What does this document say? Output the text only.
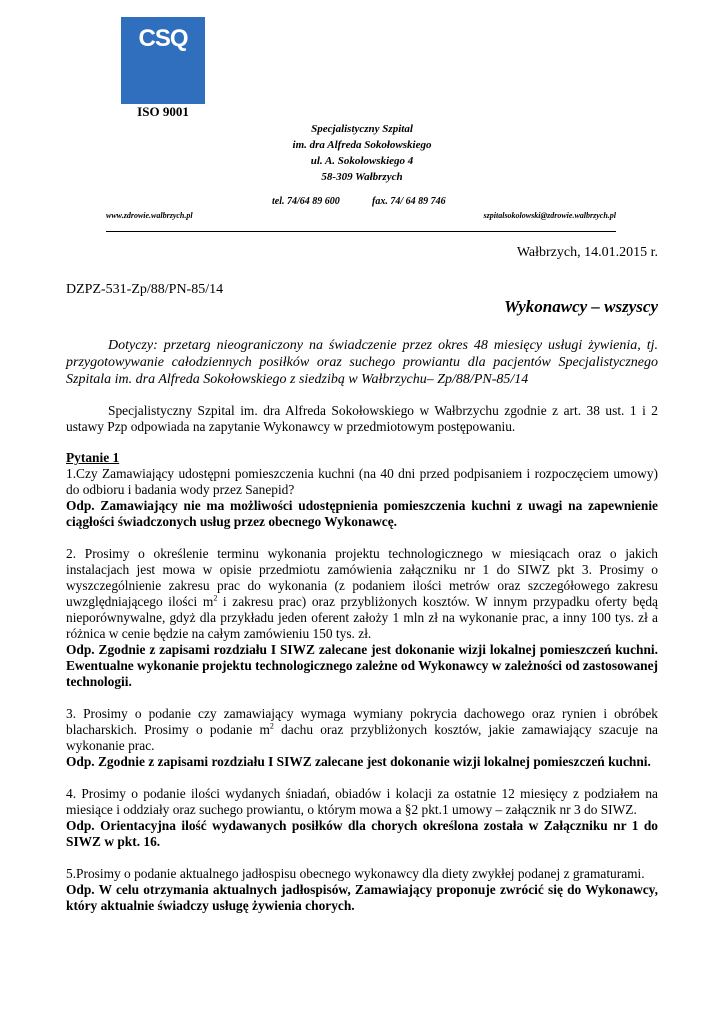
CSQ
ISO 9001
Specjalistyczny Szpital
im. dra Alfreda Sokołowskiego
ul. A. Sokołowskiego 4
58-309 Wałbrzych
tel. 74/64 89 600	fax. 74/ 64 89 746
www.zdrowie.walbrzych.pl	szpitalsokolowski@zdrowie.walbrzych.pl
Wałbrzych, 14.01.2015 r.
DZPZ-531-Zp/88/PN-85/14
Wykonawcy – wszyscy
Dotyczy: przetarg nieograniczony na świadczenie przez okres 48 miesięcy usługi żywienia, tj. przygotowywanie całodziennych posiłków oraz suchego prowiantu dla pacjentów Specjalistycznego Szpitala im. dra Alfreda Sokołowskiego z siedzibą w Wałbrzychu– Zp/88/PN-85/14
Specjalistyczny Szpital im. dra Alfreda Sokołowskiego w Wałbrzychu zgodnie z art. 38 ust. 1 i 2 ustawy Pzp odpowiada na zapytanie Wykonawcy w przedmiotowym postępowaniu.

Pytanie 1

1.Czy Zamawiający udostępni pomieszczenia kuchni (na 40 dni przed podpisaniem i rozpoczęciem umowy) do odbioru i badania wody przez Sanepid?

Odp. Zamawiający nie ma możliwości udostępnienia pomieszczenia kuchni z uwagi na zapewnienie ciągłości świadczonych usług przez obecnego Wykonawcę.

2. Prosimy o określenie terminu wykonania projektu technologicznego w miesiącach oraz o jakich instalacjach jest mowa w opisie przedmiotu zamówienia załączniku nr 1 do SIWZ pkt 3. Prosimy o wyszczególnienie zakresu prac do wykonania (z podaniem ilości metrów oraz szczegółowego zakresu uwzględniającego ilości $m^2$ i zakresu prac) oraz przybliżonych kosztów. W innym przypadku oferty będą nieporównywalne, gdyż dla przykładu jeden oferent założy 1 mln zł na wykonanie prac, a inny 100 tys. zł a różnica w cenie będzie na całym zamówieniu 150 tys. zł.

Odp. Zgodnie z zapisami rozdziału I SIWZ zalecane jest dokonanie wizji lokalnej pomieszczeń kuchni. Ewentualne wykonanie projektu technologicznego zależne od Wykonawcy w zależności od zastosowanej technologii.

3. Prosimy o podanie czy zamawiający wymaga wymiany pokrycia dachowego oraz rynien i obróbek blacharskich. Prosimy o podanie $m^2$ dachu oraz przybliżonych kosztów, jakie zamawiający szacuje na wykonanie prac.

Odp. Zgodnie z zapisami rozdziału I SIWZ zalecane jest dokonanie wizji lokalnej pomieszczeń kuchni.

4. Prosimy o podanie ilości wydanych śniadań, obiadów i kolacji za ostatnie 12 miesięcy z podziałem na miesiące i oddziały oraz suchego prowiantu, o którym mowa a §2 pkt.1 umowy – załącznik nr 3 do SIWZ.

Odp. Orientacyjna ilość wydawanych posiłków dla chorych określona została w Załączniku nr 1 do SIWZ w pkt. 16.

5.Prosimy o podanie aktualnego jadłospisu obecnego wykonawcy dla diety zwykłej podanej z gramaturami.

Odp. W celu otrzymania aktualnych jadłospisów, Zamawiający proponuje zwrócić się do Wykonawcy, który aktualnie świadczy usługę żywienia chorych.
